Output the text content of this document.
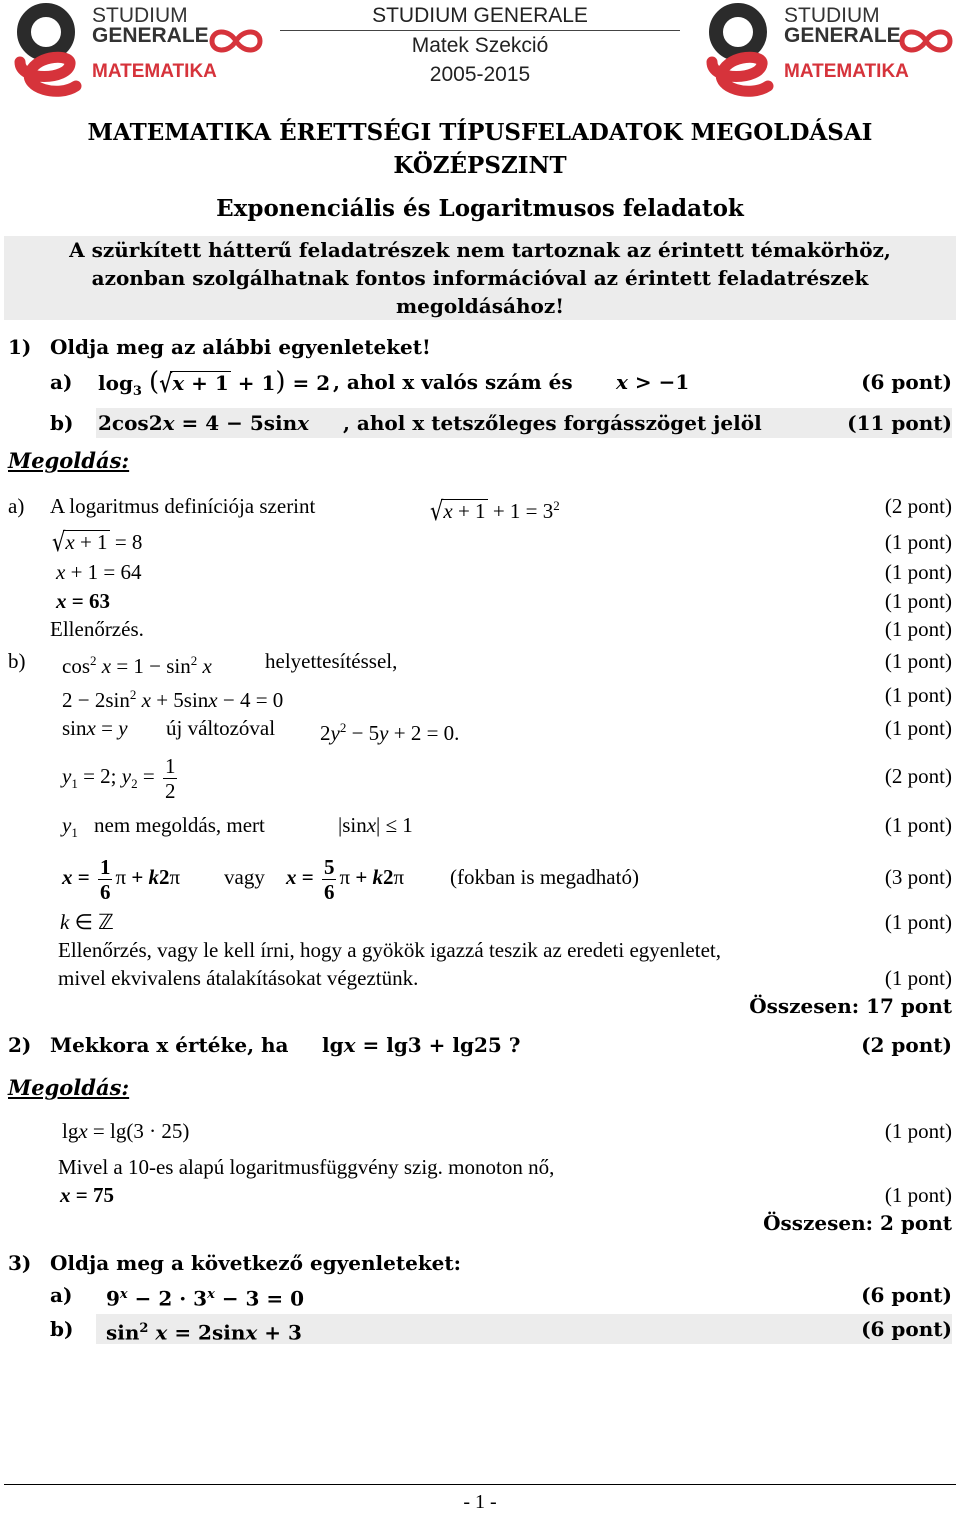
STUDIUM
GENERALE
MATEMATIKA
STUDIUM GENERALE
Matek Szekció
2005-2015
STUDIUM
GENERALE
MATEMATIKA
MATEMATIKA ÉRETTSÉGI TÍPUSFELADATOK MEGOLDÁSAI
KÖZÉPSZINT
Exponenciális és Logaritmusos feladatok
A szürkített hátterű feladatrészek nem tartoznak az érintett témakörhöz,
azonban szolgálhatnak fontos információval az érintett feladatrészek
megoldásához!
1) Oldja meg az alábbi egyenleteket!
a) $\log_3 (√x + 1 + 1) = 2$ , ahol x valós szám és x > −1	(6 pont)
b) 2cos2x = 4 − 5sinx , ahol x tetszőleges forgásszöget jelöl	(11 pont)
Megoldás:
a) A logaritmus definíciója szerint	$√x + 1 + 1 = 3^2$	(2 pont)
√x + 1 = 8	(1 pont)
x + 1 = 64	(1 pont)
x = 63	(1 pont)
Ellenőrzés.	(1 pont)
b) $\cos^2 x = 1 - \sin^2 x$	helyettesítéssel,	(1 pont)
$2 - 2\sin^2$ x + 5sinx − 4 = 0	(1 pont)
sinx = y új változóval $2y^2 - 5y + 2 = 0$.	(1 pont)
$y_1 = 2$; $y_2 = \frac{1}{2}$	(2 pont)
$y_1$ nem megoldás, mert	|sinx| ≤ 1	(1 pont)
$x = \frac{1}{6}$ π + k2π vagy $x = \frac{5}{6}$ π + k2π (fokban is megadható)	(3 pont)
k ∈ ℤ	(1 pont)
Ellenőrzés, vagy le kell írni, hogy a gyökök igazzá teszik az eredeti egyenletet,
mivel ekvivalens átalakításokat végeztünk.	(1 pont)
Összesen: 17 pont
2) Mekkora x értéke, ha lgx = lg3 + lg25 ?	(2 pont)
Megoldás:
lgx = lg(3 · 25)	(1 pont)
Mivel a 10-es alapú logaritmusfüggvény szig. monoton nő,
x = 75	(1 pont)
Összesen: 2 pont
3) Oldja meg a következő egyenleteket:
a) $9^x - 2 \cdot 3^x - 3 = 0$	(6 pont)
b) $\sin^2 x = 2\sin x + 3$	(6 pont)
- 1 -
